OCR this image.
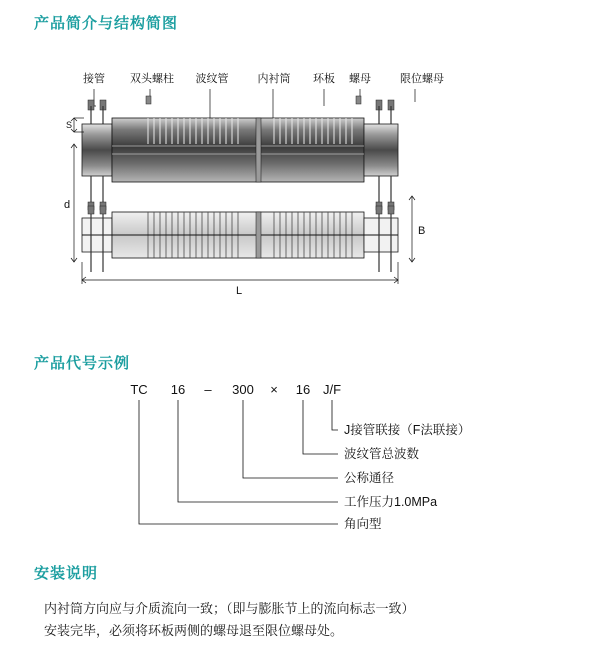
产品简介与结构简图
产品代号示例
安装说明
接管 双头螺柱 波纹管	内衬筒 环板 螺母	限位螺母
S
d
B
L
TC 16 – 300 × 16 J/F
J接管联接（F法联接）
波纹管总波数
公称通径
工作压力1.0MPa
角向型
内衬筒方向应与介质流向一致；（即与膨胀节上的流向标志一致）
安装完毕，必须将环板两侧的螺母退至限位螺母处。
